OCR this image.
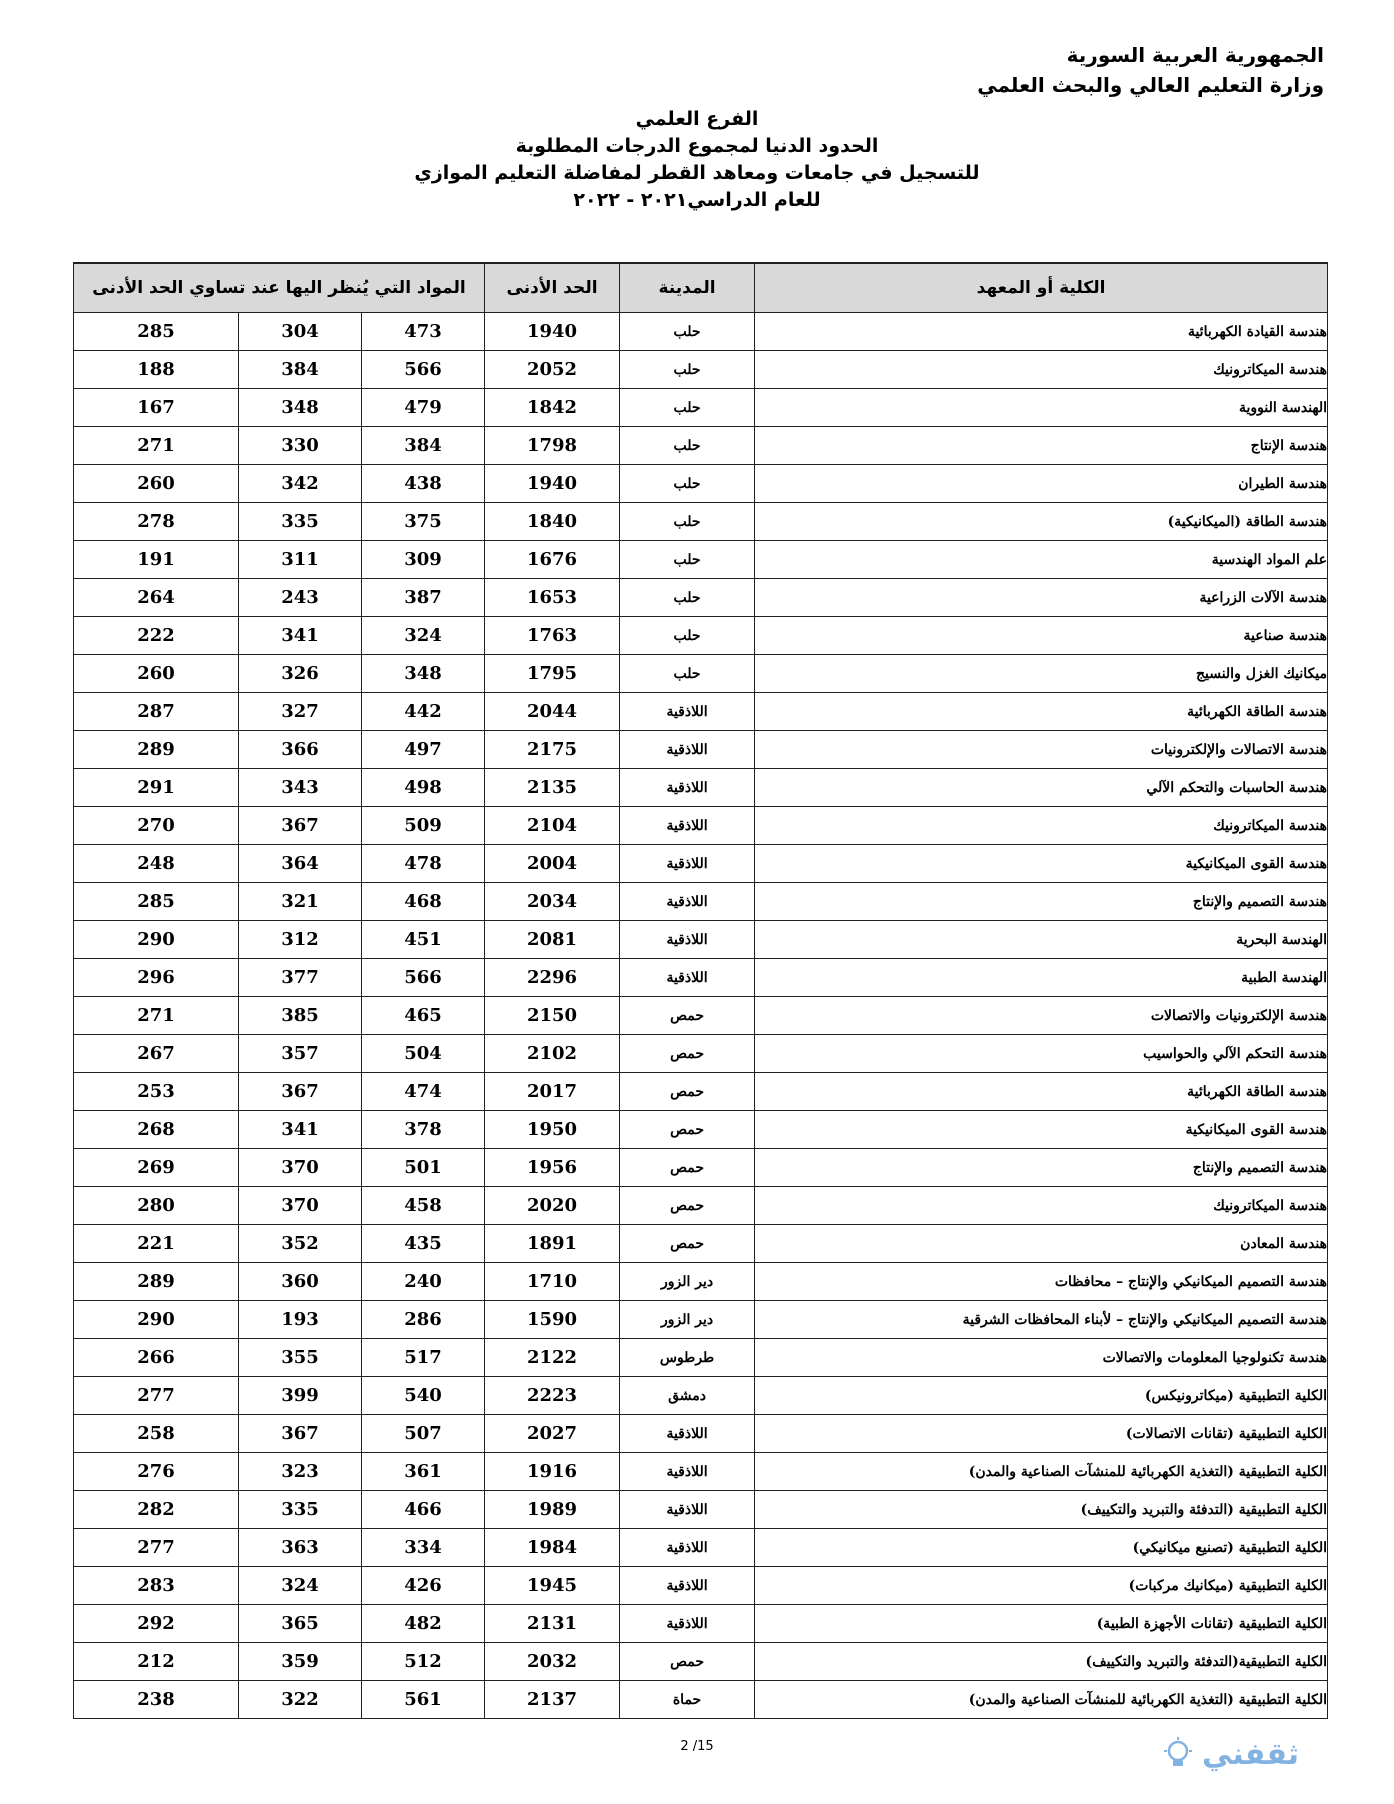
الجمهورية العربية السورية
وزارة التعليم العالي والبحث العلمي
الفرع العلمي
الحدود الدنيا لمجموع الدرجات المطلوبة
للتسجيل في جامعات ومعاهد القطر لمفاضلة التعليم الموازي
للعام الدراسي٢٠٢١ - ٢٠٢٢
الكلية أو المعهد	المدينة	الحد الأدنى	المواد التي يُنظر اليها عند تساوي الحد الأدنى		
هندسة القيادة الكهربائية	حلب	1940	473	304	285
هندسة الميكاترونيك	حلب	2052	566	384	188
الهندسة النووية	حلب	1842	479	348	167
هندسة الإنتاج	حلب	1798	384	330	271
هندسة الطيران	حلب	1940	438	342	260
هندسة الطاقة (الميكانيكية)	حلب	1840	375	335	278
علم المواد الهندسية	حلب	1676	309	311	191
هندسة الآلات الزراعية	حلب	1653	387	243	264
هندسة صناعية	حلب	1763	324	341	222
ميكانيك الغزل والنسيج	حلب	1795	348	326	260
هندسة الطاقة الكهربائية	اللاذقية	2044	442	327	287
هندسة الاتصالات والإلكترونيات	اللاذقية	2175	497	366	289
هندسة الحاسبات والتحكم الآلي	اللاذقية	2135	498	343	291
هندسة الميكاترونيك	اللاذقية	2104	509	367	270
هندسة القوى الميكانيكية	اللاذقية	2004	478	364	248
هندسة التصميم والإنتاج	اللاذقية	2034	468	321	285
الهندسة البحرية	اللاذقية	2081	451	312	290
الهندسة الطبية	اللاذقية	2296	566	377	296
هندسة الإلكترونيات والاتصالات	حمص	2150	465	385	271
هندسة التحكم الآلي والحواسيب	حمص	2102	504	357	267
هندسة الطاقة الكهربائية	حمص	2017	474	367	253
هندسة القوى الميكانيكية	حمص	1950	378	341	268
هندسة التصميم والإنتاج	حمص	1956	501	370	269
هندسة الميكاترونيك	حمص	2020	458	370	280
هندسة المعادن	حمص	1891	435	352	221
هندسة التصميم الميكانيكي والإنتاج – محافظات	دير الزور	1710	240	360	289
هندسة التصميم الميكانيكي والإنتاج – لأبناء المحافظات الشرقية	دير الزور	1590	286	193	290
هندسة تكنولوجيا المعلومات والاتصالات	طرطوس	2122	517	355	266
الكلية التطبيقية (ميكاترونيكس)	دمشق	2223	540	399	277
الكلية التطبيقية (تقانات الاتصالات)	اللاذقية	2027	507	367	258
الكلية التطبيقية (التغذية الكهربائية للمنشآت الصناعية والمدن)	اللاذقية	1916	361	323	276
الكلية التطبيقية (التدفئة والتبريد والتكييف)	اللاذقية	1989	466	335	282
الكلية التطبيقية (تصنيع ميكانيكي)	اللاذقية	1984	334	363	277
الكلية التطبيقية (ميكانيك مركبات)	اللاذقية	1945	426	324	283
الكلية التطبيقية (تقانات الأجهزة الطبية)	اللاذقية	2131	482	365	292
الكلية التطبيقية(التدفئة والتبريد والتكييف)	حمص	2032	512	359	212
الكلية التطبيقية (التغذية الكهربائية للمنشآت الصناعية والمدن)	حماة	2137	561	322	238
2 /15	ثقفني
